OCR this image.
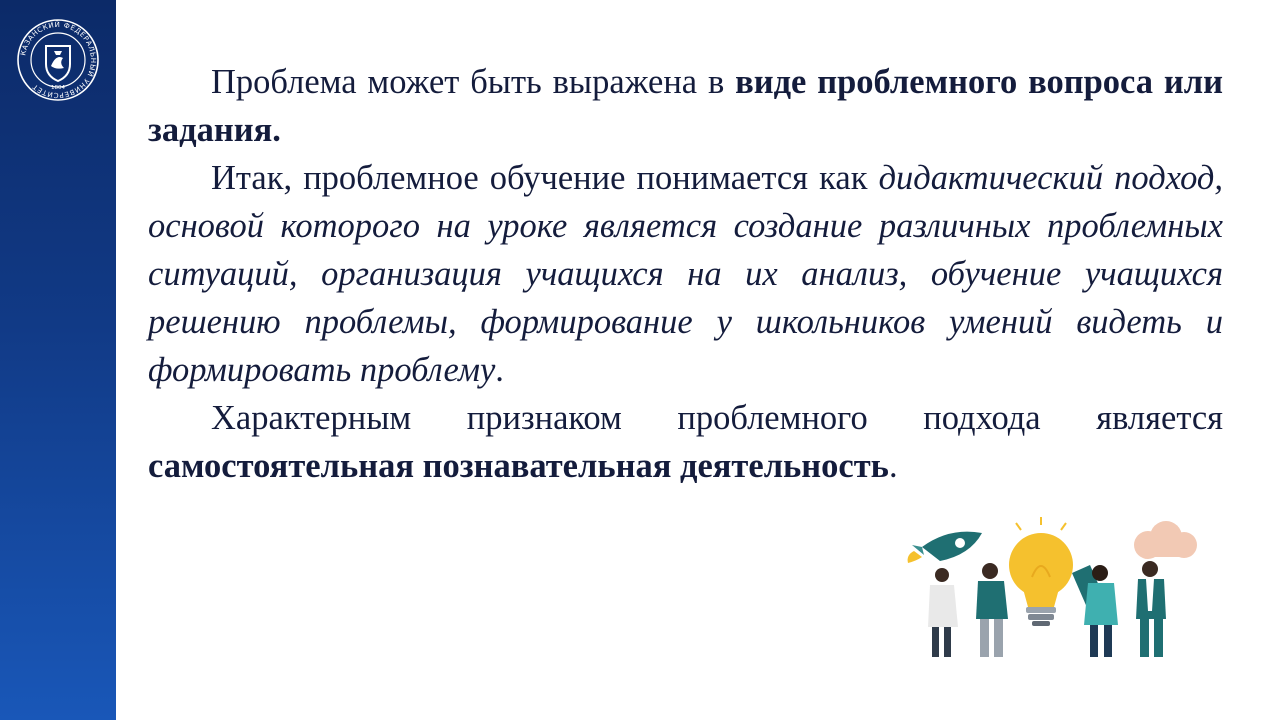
КАЗАНСКИЙ ФЕДЕРАЛЬНЫЙ УНИВЕРСИТЕТ	1804	Проблема может быть выражена в виде проблемного вопроса или задания.

Итак, проблемное обучение понимается как дидактический подход, основой которого на уроке является создание различных проблемных ситуаций, организация учащихся на их анализ, обучение учащихся решению проблемы, формирование у школьников умений видеть и формировать проблему.

Характерным признаком проблемного подхода является самостоятельная познавательная деятельность.
